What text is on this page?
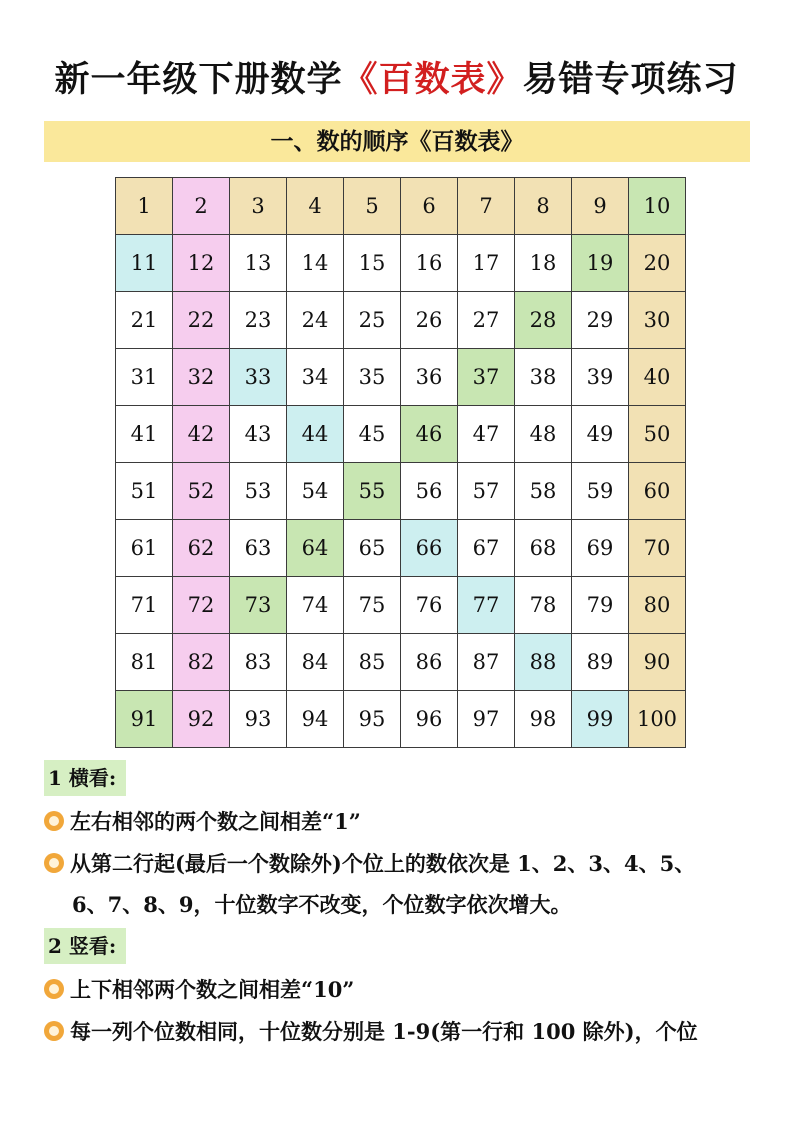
新一年级下册数学《百数表》易错专项练习
一、数的顺序《百数表》
1	2	3	4	5	6	7	8	9	10
11	12	13	14	15	16	17	18	19	20
21	22	23	24	25	26	27	28	29	30
31	32	33	34	35	36	37	38	39	40
41	42	43	44	45	46	47	48	49	50
51	52	53	54	55	56	57	58	59	60
61	62	63	64	65	66	67	68	69	70
71	72	73	74	75	76	77	78	79	80
81	82	83	84	85	86	87	88	89	90
91	92	93	94	95	96	97	98	99	100
1 横看:
左右相邻的两个数之间相差“1”
从第二行起(最后一个数除外)个位上的数依次是 1、2、3、4、5、
6、7、8、9，十位数字不改变，个位数字依次增大。
2 竖看:
上下相邻两个数之间相差“10”
每一列个位数相同，十位数分别是 1-9(第一行和 100 除外)，个位
